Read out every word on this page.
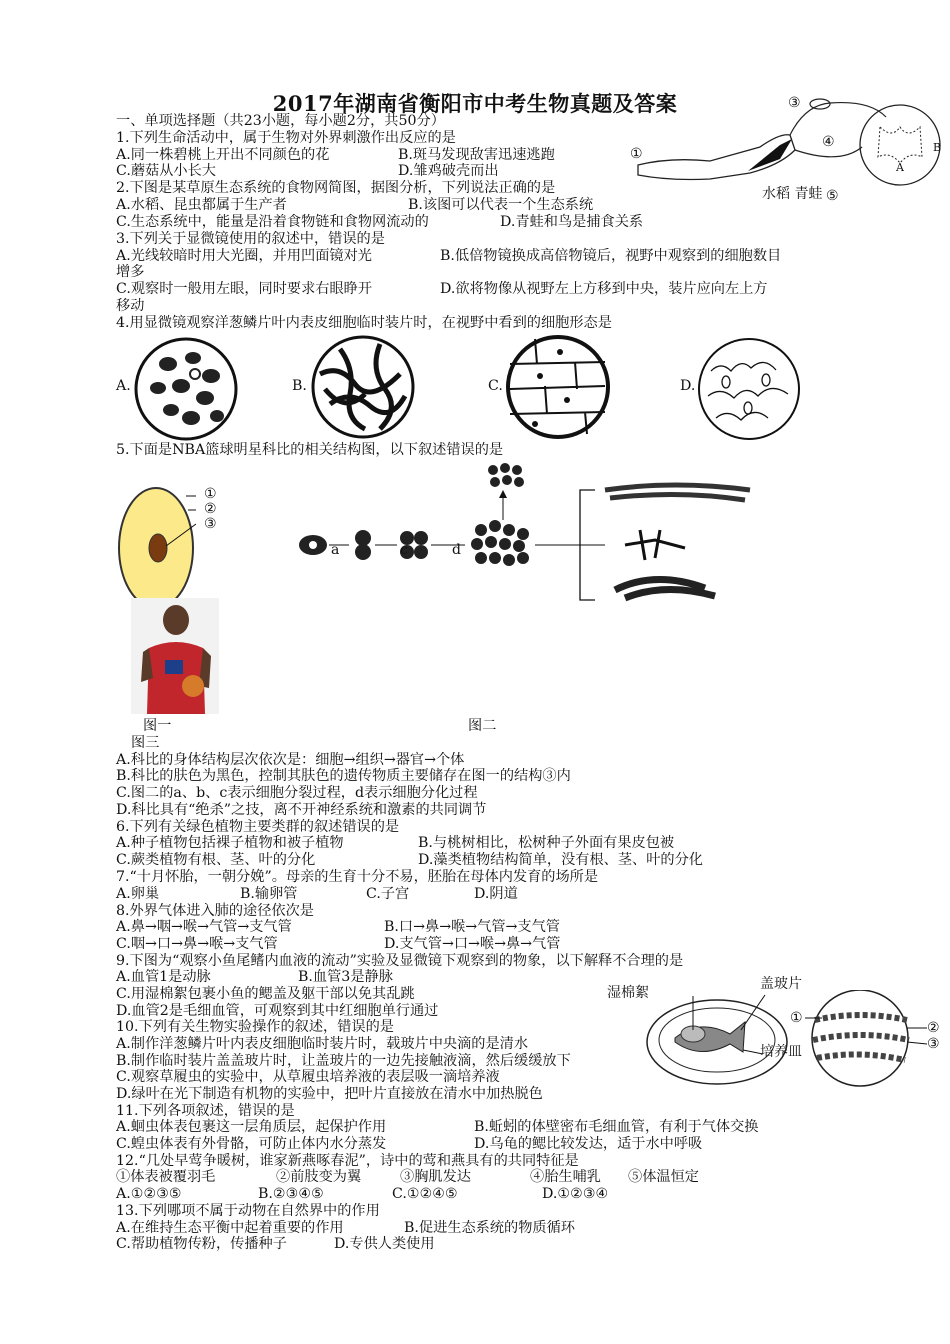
2017年湖南省衡阳市中考生物真题及答案
①
③
④
⑤
A
B
水稻 青蛙
一、单项选择题（共23小题，每小题2分，共50分）
1.下列生命活动中，属于生物对外界刺激作出反应的是
A.同一株碧桃上开出不同颜色的花	B.斑马发现敌害迅速逃跑
C.蘑菇从小长大	D.雏鸡破壳而出
2.下图是某草原生态系统的食物网简图，据图分析，下列说法正确的是
A.水稻、昆虫都属于生产者	B.该图可以代表一个生态系统
C.生态系统中，能量是沿着食物链和食物网流动的	D.青蛙和鸟是捕食关系
3.下列关于显微镜使用的叙述中，错误的是
A.光线较暗时用大光圈，并用凹面镜对光	B.低倍物镜换成高倍物镜后，视野中观察到的细胞数目
增多
C.观察时一般用左眼，同时要求右眼睁开	D.欲将物像从视野左上方移到中央，装片应向左上方
移动
4.用显微镜观察洋葱鳞片叶内表皮细胞临时装片时，在视野中看到的细胞形态是
A.	B.	C.	D.
5.下面是NBA篮球明星科比的相关结构图，以下叙述错误的是
①
②
③
a	c	d
图一	图二
图三
A.科比的身体结构层次依次是：细胞→组织→器官→个体
B.科比的肤色为黑色，控制其肤色的遗传物质主要储存在图一的结构③内
C.图二的a、b、c表示细胞分裂过程，d表示细胞分化过程
D.科比具有“绝杀”之技，离不开神经系统和激素的共同调节
6.下列有关绿色植物主要类群的叙述错误的是
A.种子植物包括裸子植物和被子植物	B.与桃树相比，松树种子外面有果皮包被
C.蕨类植物有根、茎、叶的分化	D.藻类植物结构简单，没有根、茎、叶的分化
7.“十月怀胎，一朝分娩”。母亲的生育十分不易，胚胎在母体内发育的场所是
A.卵巢	B.输卵管	C.子宫	D.阴道
8.外界气体进入肺的途径依次是
A.鼻→咽→喉→气管→支气管	B.口→鼻→喉→气管→支气管
C.咽→口→鼻→喉→支气管	D.支气管→口→喉→鼻→气管
9.下图为“观察小鱼尾鳍内血液的流动”实验及显微镜下观察到的物象，以下解释不合理的是
A.血管1是动脉	B.血管3是静脉
C.用湿棉絮包裹小鱼的鳃盖及躯干部以免其乱跳
D.血管2是毛细血管，可观察到其中红细胞单行通过
湿棉絮
盖玻片
培养皿
①
②
③
10.下列有关生物实验操作的叙述，错误的是
A.制作洋葱鳞片叶内表皮细胞临时装片时，载玻片中央滴的是清水
B.制作临时装片盖盖玻片时，让盖玻片的一边先接触液滴，然后缓缓放下
C.观察草履虫的实验中，从草履虫培养液的表层吸一滴培养液
D.绿叶在光下制造有机物的实验中，把叶片直接放在清水中加热脱色
11.下列各项叙述，错误的是
A.蛔虫体表包裹这一层角质层，起保护作用	B.蚯蚓的体壁密布毛细血管，有利于气体交换
C.蝗虫体表有外骨骼，可防止体内水分蒸发	D.乌龟的鳃比较发达，适于水中呼吸
12.“几处早莺争暖树，谁家新燕啄春泥”，诗中的莺和燕具有的共同特征是
①体表被覆羽毛	②前肢变为翼	③胸肌发达	④胎生哺乳 ⑤体温恒定
A.①②③⑤	B.②③④⑤	C.①②④⑤	D.①②③④
13.下列哪项不属于动物在自然界中的作用
A.在维持生态平衡中起着重要的作用	B.促进生态系统的物质循环
C.帮助植物传粉，传播种子	D.专供人类使用
